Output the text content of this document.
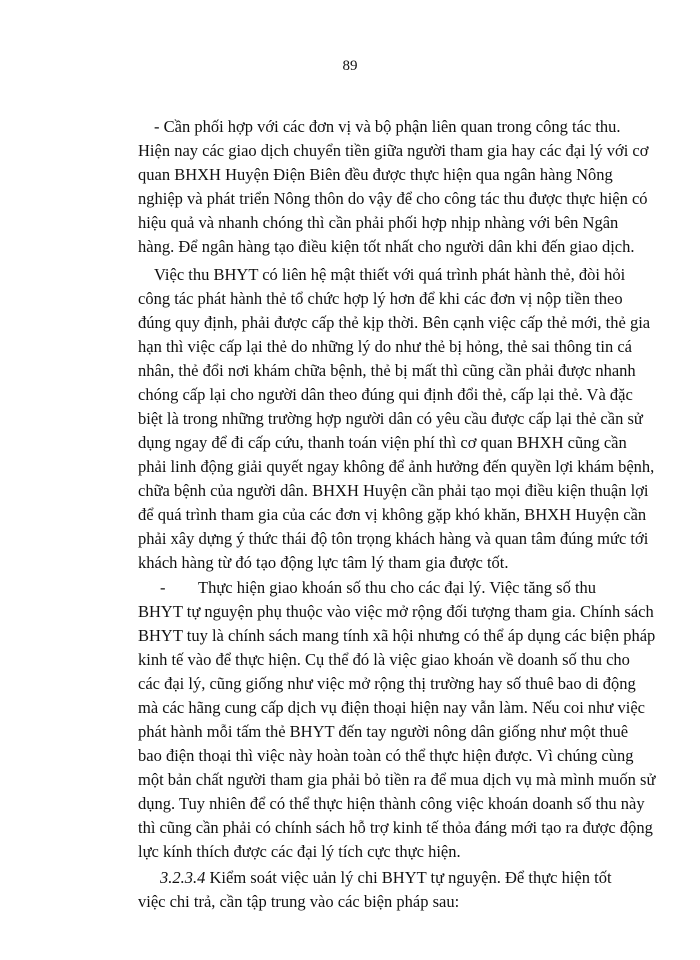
89
- Cần phối hợp với các đơn vị và bộ phận liên quan trong công tác thu.
Hiện nay các giao dịch chuyển tiền giữa người tham gia hay các đại lý với cơ
quan BHXH Huyện Điện Biên đều được thực hiện qua ngân hàng Nông
nghiệp và phát triển Nông thôn do vậy để cho công tác thu được thực hiện có
hiệu quả và nhanh chóng thì cần phải phối hợp nhịp nhàng với bên Ngân
hàng. Để ngân hàng tạo điều kiện tốt nhất cho người dân khi đến giao dịch.
Việc thu BHYT có liên hệ mật thiết với quá trình phát hành thẻ, đòi hỏi
công tác phát hành thẻ tổ chức hợp lý hơn để khi các đơn vị nộp tiền theo
đúng quy định, phải được cấp thẻ kịp thời. Bên cạnh việc cấp thẻ mới, thẻ gia
hạn thì việc cấp lại thẻ do những lý do như thẻ bị hỏng, thẻ sai thông tin cá
nhân, thẻ đổi nơi khám chữa bệnh, thẻ bị mất thì cũng cần phải được nhanh
chóng cấp lại cho người dân theo đúng qui định đổi thẻ, cấp lại thẻ. Và đặc
biệt là trong những trường hợp người dân có yêu cầu được cấp lại thẻ cần sử
dụng ngay để đi cấp cứu, thanh toán viện phí thì cơ quan BHXH cũng cần
phải linh động giải quyết ngay không để ảnh hưởng đến quyền lợi khám bệnh,
chữa bệnh của người dân. BHXH Huyện cần phải tạo mọi điều kiện thuận lợi
để quá trình tham gia của các đơn vị không gặp khó khăn, BHXH Huyện cần
phải xây dựng ý thức thái độ tôn trọng khách hàng và quan tâm đúng mức tới
khách hàng từ đó tạo động lực tâm lý tham gia được tốt.
- Thực hiện giao khoán số thu cho các đại lý. Việc tăng số thu
BHYT tự nguyện phụ thuộc vào việc mở rộng đối tượng tham gia. Chính sách
BHYT tuy là chính sách mang tính xã hội nhưng có thể áp dụng các biện pháp
kinh tế vào để thực hiện. Cụ thể đó là việc giao khoán về doanh số thu cho
các đại lý, cũng giống như việc mở rộng thị trường hay số thuê bao di động
mà các hãng cung cấp dịch vụ điện thoại hiện nay vẫn làm. Nếu coi như việc
phát hành mỗi tấm thẻ BHYT đến tay người nông dân giống như một thuê
bao điện thoại thì việc này hoàn toàn có thể thực hiện được. Vì chúng cùng
một bản chất người tham gia phải bỏ tiền ra để mua dịch vụ mà mình muốn sử
dụng. Tuy nhiên để có thể thực hiện thành công việc khoán doanh số thu này
thì cũng cần phải có chính sách hỗ trợ kinh tế thỏa đáng mới tạo ra được động
lực kính thích được các đại lý tích cực thực hiện.
3.2.3.4 Kiểm soát việc uản lý chi BHYT tự nguyện. Để thực hiện tốt
việc chi trả, cần tập trung vào các biện pháp sau:
